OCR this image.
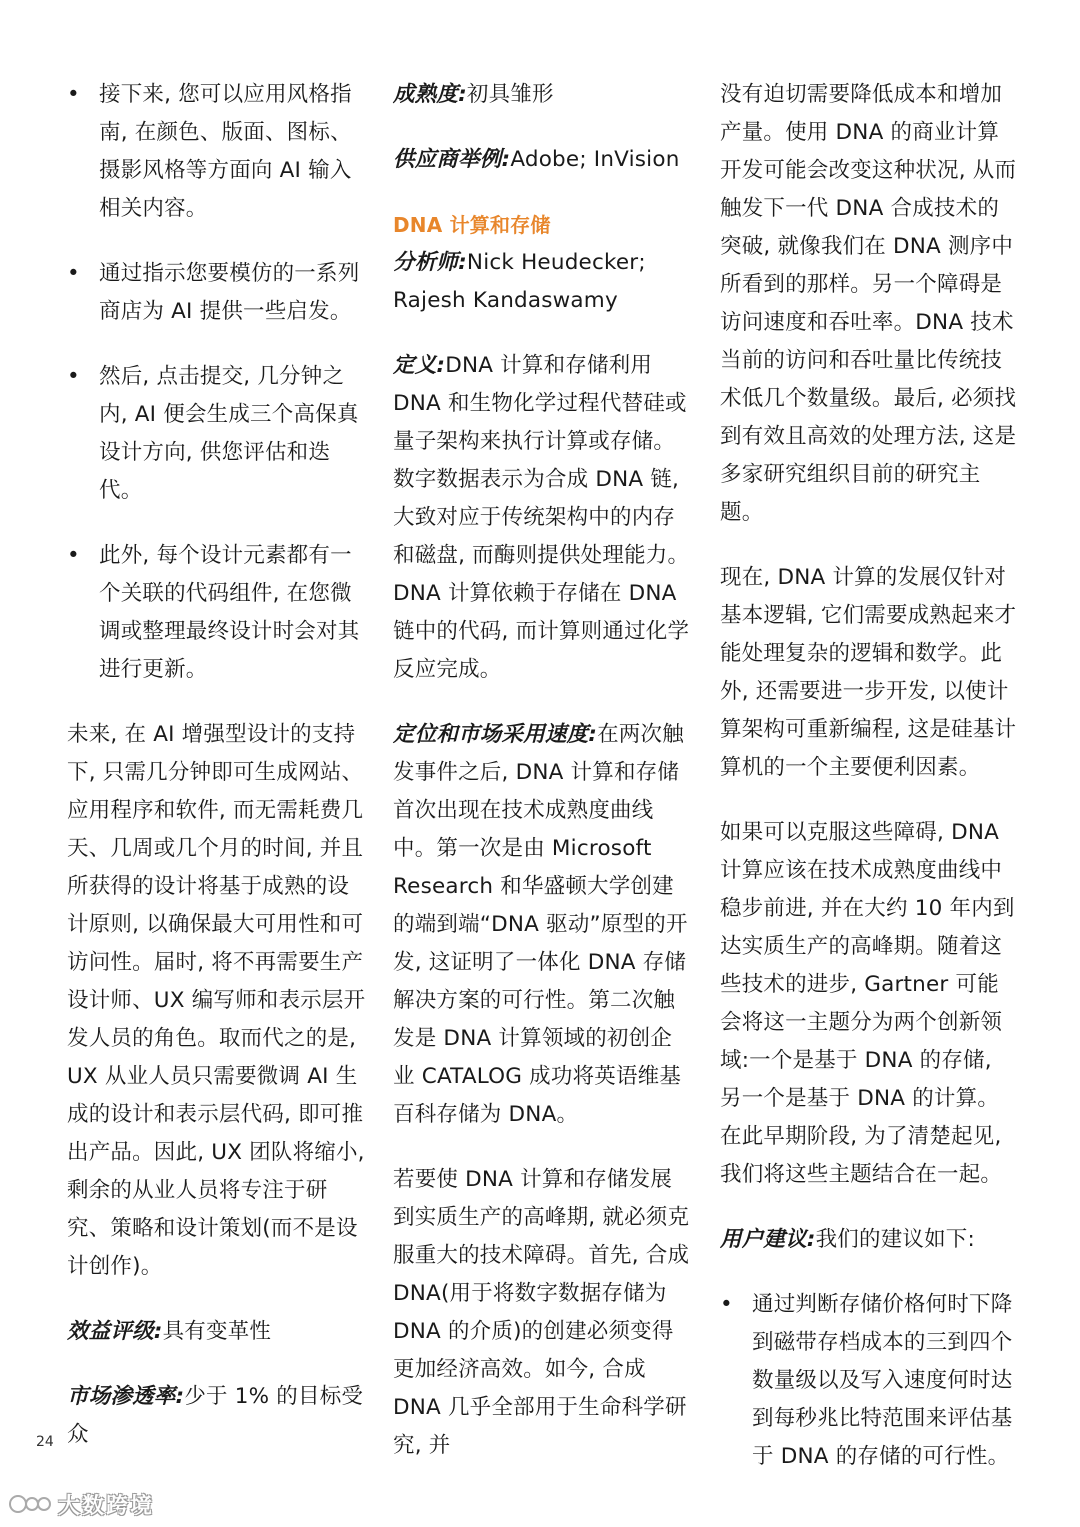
• 接下来, 您可以应用风格指南, 在颜色、版面、图标、摄影风格等方面向 AI 输入相关内容。
• 通过指示您要模仿的一系列商店为 AI 提供一些启发。
• 然后, 点击提交, 几分钟之内, AI 便会生成三个高保真设计方向, 供您评估和迭代。
• 此外, 每个设计元素都有一个关联的代码组件, 在您微调或整理最终设计时会对其进行更新。

未来, 在 AI 增强型设计的支持下, 只需几分钟即可生成网站、应用程序和软件, 而无需耗费几天、几周或几个月的时间, 并且所获得的设计将基于成熟的设计原则, 以确保最大可用性和可访问性。届时, 将不再需要生产设计师、UX 编写师和表示层开发人员的角色。取而代之的是, UX 从业人员只需要微调 AI 生成的设计和表示层代码, 即可推出产品。因此, UX 团队将缩小, 剩余的从业人员将专注于研究、策略和设计策划(而不是设计创作)。

效益评级:具有变革性

市场渗透率:少于 1% 的目标受众

成熟度:初具雏形

供应商举例:Adobe; InVision

DNA 计算和存储

分析师:Nick Heudecker; Rajesh Kandaswamy

定义:DNA 计算和存储利用 DNA 和生物化学过程代替硅或量子架构来执行计算或存储。数字数据表示为合成 DNA 链, 大致对应于传统架构中的内存和磁盘, 而酶则提供处理能力。DNA 计算依赖于存储在 DNA 链中的代码, 而计算则通过化学反应完成。

定位和市场采用速度:在两次触发事件之后, DNA 计算和存储首次出现在技术成熟度曲线中。第一次是由 Microsoft Research 和华盛顿大学创建的端到端“DNA 驱动”原型的开发, 这证明了一体化 DNA 存储解决方案的可行性。第二次触发是 DNA 计算领域的初创企业 CATALOG 成功将英语维基百科存储为 DNA。

若要使 DNA 计算和存储发展到实质生产的高峰期, 就必须克服重大的技术障碍。首先, 合成 DNA(用于将数字数据存储为 DNA 的介质)的创建必须变得更加经济高效。如今, 合成 DNA 几乎全部用于生命科学研究, 并

没有迫切需要降低成本和增加产量。使用 DNA 的商业计算开发可能会改变这种状况, 从而触发下一代 DNA 合成技术的突破, 就像我们在 DNA 测序中所看到的那样。另一个障碍是访问速度和吞吐率。DNA 技术当前的访问和吞吐量比传统技术低几个数量级。最后, 必须找到有效且高效的处理方法, 这是多家研究组织目前的研究主题。

现在, DNA 计算的发展仅针对基本逻辑, 它们需要成熟起来才能处理复杂的逻辑和数学。此外, 还需要进一步开发, 以使计算架构可重新编程, 这是硅基计算机的一个主要便利因素。

如果可以克服这些障碍, DNA 计算应该在技术成熟度曲线中稳步前进, 并在大约 10 年内到达实质生产的高峰期。随着这些技术的进步, Gartner 可能会将这一主题分为两个创新领域:一个是基于 DNA 的存储, 另一个是基于 DNA 的计算。在此早期阶段, 为了清楚起见, 我们将这些主题结合在一起。

用户建议:我们的建议如下:

• 通过判断存储价格何时下降到磁带存档成本的三到四个数量级以及写入速度何时达到每秒兆比特范围来评估基于 DNA 的存储的可行性。
24
大数跨境
